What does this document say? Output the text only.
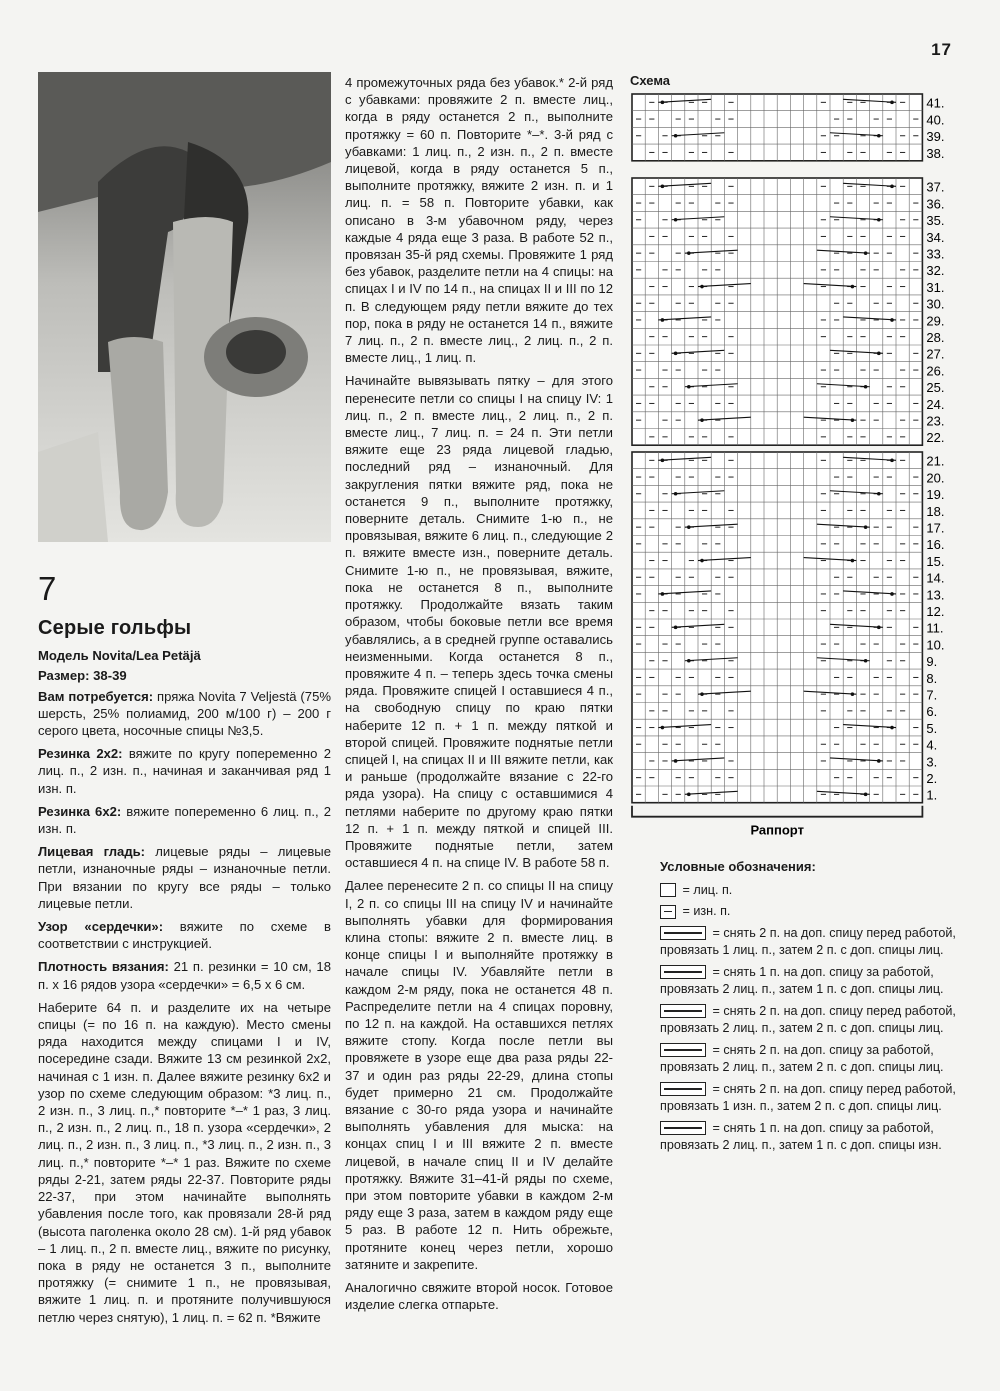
17
7
Серые гольфы

Модель Novita/Lea Petäjä

Размер: 38-39

Вам потребуется: пряжа Novita 7 Veljestä (75% шерсть, 25% полиамид, 200 м/100 г) – 200 г серого цвета, носочные спицы №3,5.

Резинка 2x2: вяжите по кругу попеременно 2 лиц. п., 2 изн. п., начиная и заканчивая ряд 1 изн. п.

Резинка 6x2: вяжите попеременно 6 лиц. п., 2 изн. п.

Лицевая гладь: лицевые ряды – лицевые петли, изнаночные ряды – изнаночные петли. При вязании по кругу все ряды – только лицевые петли.

Узор «сердечки»: вяжите по схеме в соответствии с инструкцией.

Плотность вязания: 21 п. резинки = 10 см, 18 п. х 16 рядов узора «сердечки» = 6,5 х 6 см.

Наберите 64 п. и разделите их на четыре спицы (= по 16 п. на каждую). Место смены ряда находится между спицами I и IV, посередине сзади. Вяжите 13 см резинкой 2x2, начиная с 1 изн. п. Далее вяжите резинку 6x2 и узор по схеме следующим образом: *3 лиц. п., 2 изн. п., 3 лиц. п.,* повторите *–* 1 раз, 3 лиц. п., 2 изн. п., 2 лиц. п., 18 п. узора «сердечки», 2 лиц. п., 2 изн. п., 3 лиц. п., *3 лиц. п., 2 изн. п., 3 лиц. п.,* повторите *–* 1 раз. Вяжите по схеме ряды 2-21, затем ряды 22-37. Повторите ряды 22-37, при этом начинайте выполнять убавления после того, как провязали 28-й ряд (высота паголенка около 28 см). 1-й ряд убавок – 1 лиц. п., 2 п. вместе лиц., вяжите по рисунку, пока в ряду не останется 3 п., выполните протяжку (= снимите 1 п., не провязывая, вяжите 1 лиц. п. и протяните получившуюся петлю через снятую), 1 лиц. п. = 62 п. *Вяжите

4 промежуточных ряда без убавок.* 2-й ряд с убавками: провяжите 2 п. вместе лиц., когда в ряду останется 2 п., выполните протяжку = 60 п. Повторите *–*. 3-й ряд с убавками: 1 лиц. п., 2 изн. п., 2 п. вместе лицевой, когда в ряду останется 5 п., выполните протяжку, вяжите 2 изн. п. и 1 лиц. п. = 58 п. Повторите убавки, как описано в 3-м убавочном ряду, через каждые 4 ряда еще 3 раза. В работе 52 п., провязан 35-й ряд схемы. Провяжите 1 ряд без убавок, разделите петли на 4 спицы: на спицах I и IV по 14 п., на спицах II и III по 12 п. В следующем ряду петли вяжите до тех пор, пока в ряду не останется 14 п., вяжите 7 лиц. п., 2 п. вместе лиц., 2 лиц. п., 2 п. вместе лиц., 1 лиц. п.

Начинайте вывязывать пятку – для этого перенесите петли со спицы I на спицу IV: 1 лиц. п., 2 п. вместе лиц., 2 лиц. п., 2 п. вместе лиц., 7 лиц. п. = 24 п. Эти петли вяжите еще 23 ряда лицевой гладью, последний ряд – изнаночный. Для закругления пятки вяжите ряд, пока не останется 9 п., выполните протяжку, поверните деталь. Снимите 1-ю п., не провязывая, вяжите 6 лиц. п., следующие 2 п. вяжите вместе изн., поверните деталь. Снимите 1-ю п., не провязывая, вяжите, пока не останется 8 п., выполните протяжку. Продолжайте вязать таким образом, чтобы боковые петли все время убавлялись, а в средней группе оставались неизменными. Когда останется 8 п., провяжите 4 п. – теперь здесь точка смены ряда. Провяжите спицей I оставшиеся 4 п., на свободную спицу по краю пятки наберите 12 п. + 1 п. между пяткой и второй спицей. Провяжите поднятые петли спицей I, на спицах II и III вяжите петли, как и раньше (продолжайте вязание с 22-го ряда узора). На спицу с оставшимися 4 петлями наберите по другому краю пятки 12 п. + 1 п. между пяткой и спицей III. Провяжите поднятые петли, затем оставшиеся 4 п. на спице IV. В работе 58 п.

Далее перенесите 2 п. со спицы II на спицу I, 2 п. со спицы III на спицу IV и начинайте выполнять убавки для формирования клина стопы: вяжите 2 п. вместе лиц. в конце спицы I и выполняйте протяжку в начале спицы IV. Убавляйте петли в каждом 2-м ряду, пока не останется 48 п. Распределите петли на 4 спицах поровну, по 12 п. на каждой. На оставшихся петлях вяжите стопу. Когда после петли вы провяжете в узоре еще два раза ряды 22-37 и один раз ряды 22-29, длина стопы будет примерно 21 см. Продолжайте вязание с 30-го ряда узора и начинайте выполнять убавления для мыска: на концах спиц I и III вяжите 2 п. вместе лицевой, в начале спиц II и IV делайте протяжку. Вяжите 31–41-й ряды по схеме, при этом повторите убавки в каждом 2-м ряду еще 3 раза, затем в каждом ряду еще 5 раз. В работе 12 п. Нить обрежьте, протяните конец через петли, хорошо затяните и закрепите.

Аналогично свяжите второй носок. Готовое изделие слегка отпарьте.

Схема
41.
40.
39.
38.
37.
36.
35.
34.
33.
32.
31.
30.
29.
28.
27.
26.
25.
24.
23.
22.
21.
20.
19.
18.
17.
16.
15.
14.
13.
12.
11.
10.
9.
8.
7.
6.
5.
4.
3.
2.
1.
Раппорт
Условные обозначения:
= лиц. п.
= изн. п.
= снять 2 п. на доп. спицу перед работой, провязать 1 лиц. п., затем 2 п. с доп. спицы лиц.
= снять 1 п. на доп. спицу за работой, провязать 2 лиц. п., затем 1 п. с доп. спицы лиц.
= снять 2 п. на доп. спицу перед работой, провязать 2 лиц. п., затем 2 п. с доп. спицы лиц.
= снять 2 п. на доп. спицу за работой, провязать 2 лиц. п., затем 2 п. с доп. спицы лиц.
= снять 2 п. на доп. спицу перед работой, провязать 1 изн. п., затем 2 п. с доп. спицы лиц.
= снять 1 п. на доп. спицу за работой, провязать 2 лиц. п., затем 1 п. с доп. спицы изн.
